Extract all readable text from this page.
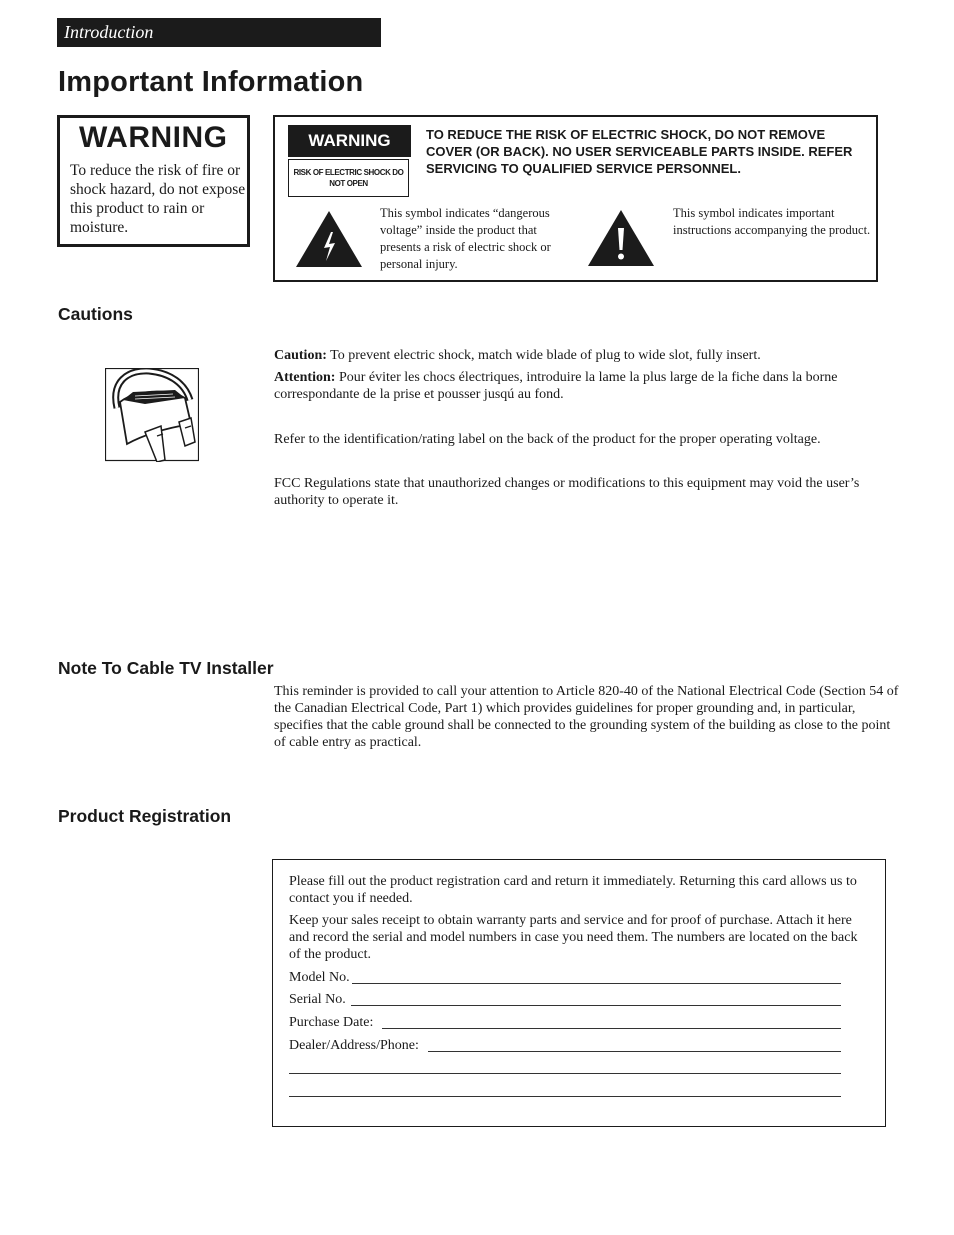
Introduction
Important Information
WARNING
To reduce the risk of fire or shock hazard, do not expose this product to rain or moisture.
WARNING
RISK OF ELECTRIC SHOCK DO NOT OPEN
TO REDUCE THE RISK OF ELECTRIC SHOCK, DO NOT REMOVE COVER (OR BACK). NO USER SERVICEABLE PARTS INSIDE. REFER SERVICING TO QUALIFIED SERVICE PERSONNEL.
This symbol indicates “dangerous voltage” inside the product that presents a risk of electric shock or personal injury.
This symbol indicates important instructions accompanying the product.
Cautions
Caution: To prevent electric shock, match wide blade of plug to wide slot, fully insert.
Attention: Pour éviter les chocs électriques, introduire la lame la plus large de la fiche dans la borne correspondante de la prise et pousser jusqú au fond.
Refer to the identification/rating label on the back of the product for the proper operating voltage.
FCC Regulations state that unauthorized changes or modifications to this equipment may void the user’s authority to operate it.
Note To Cable TV Installer
This reminder is provided to call your attention to Article 820-40 of the National Electrical Code (Section 54 of the Canadian Electrical Code, Part 1) which provides guidelines for proper grounding and, in particular, specifies that the cable ground shall be connected to the grounding system of the building as close to the point of cable entry as practical.
Product Registration
Please fill out the product registration card and return it immediately. Returning this card allows us to contact you if needed.
Keep your sales receipt to obtain warranty parts and service and for proof of purchase. Attach it here and record the serial and model numbers in case you need them. The numbers are located on the back of the product.
Model No.
Serial No.
Purchase Date:
Dealer/Address/Phone:
